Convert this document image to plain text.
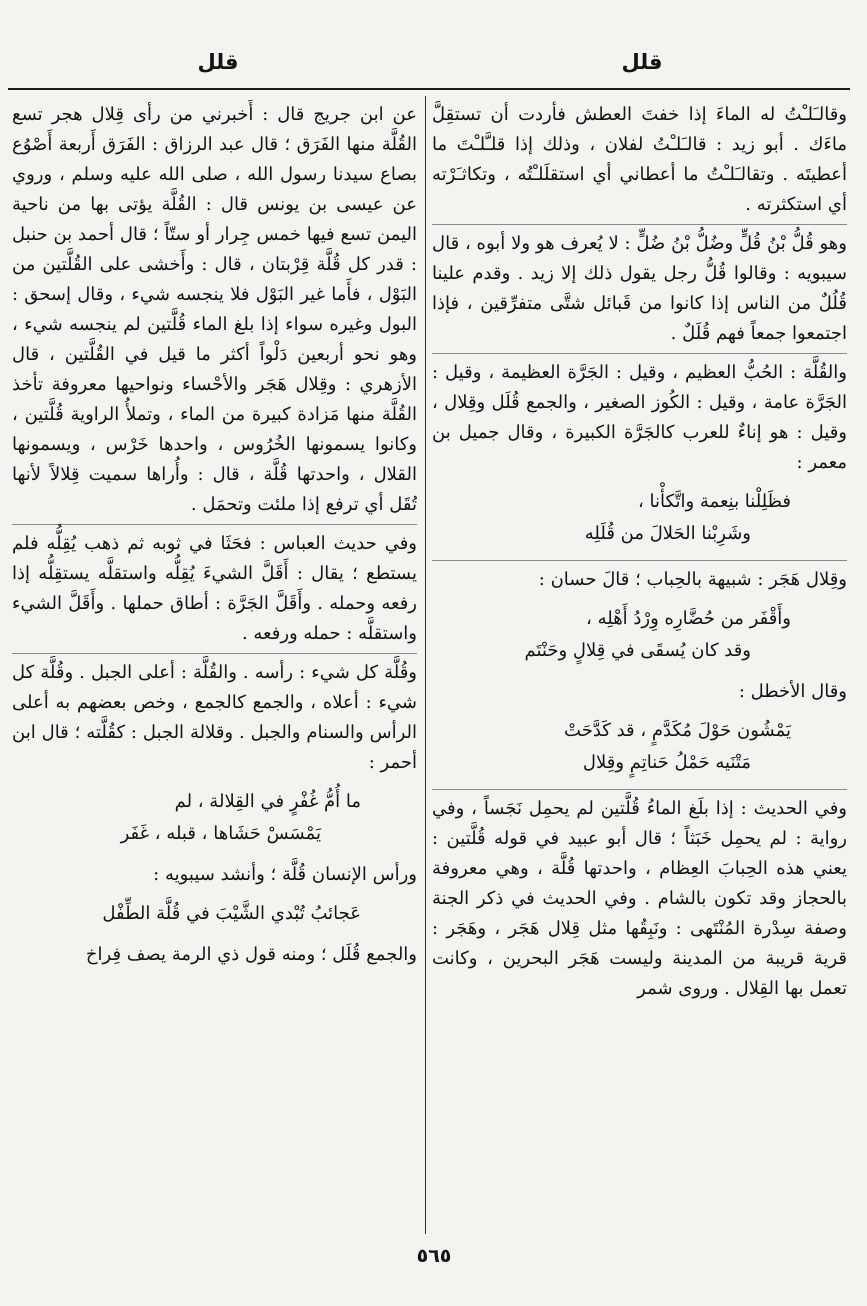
قلل
قلل

وقالـَلـْتُ له الماءَ إذا خفتَ العطش فأردت أن تستقِلَّ ماءَك . أبو زيد : قالـَلـْتُ لفلان ، وذلك إذا قلـَّلـْتَ ما أعطيتَه . وتقالـَلـْتُ ما أعطاني أي استقلَلـْتُه ، وتكاثـَرْته أي استكثرته .

وهو قُلُّ بْنُ قُلٍّ وضُلُّ بْنُ ضُلٍّ : لا يُعرف هو ولا أبوه ، قال سيبويه : وقالوا قُلُّ رجل يقول ذلك إلا زيد . وقدم علينا قُلُلٌ من الناس إذا كانوا من قَبائل شتَّى متفرِّقين ، فإذا اجتمعوا جمعاً فهم قُلَلٌ .

والقُلَّة : الحُبُّ العظيم ، وقيل : الجَرَّة العظيمة ، وقيل : الجَرَّة عامة ، وقيل : الكُوز الصغير ، والجمع قُلَل وقِلال ، وقيل : هو إناءٌ للعرب كالجَرَّة الكبيرة ، وقال جميل بن معمر :

فظَلِلْنا بنِعمة واتَّكأْنا ،
وشَرِبْنا الحَلالَ من قُلَلِه

وقِلال هَجَر : شبيهة بالحِباب ؛ قالَ حسان :

وأَقْفَر من حُضَّارِه وِرْدُ أَهْلِه ،
وقد كان يُسقَى في قِلالٍ وحَنْتَم

وقال الأخطل :

يَمْشُون حَوْلَ مُكَدَّمٍ ، قد كَدَّحَتْ
مَتْنَيه حَمْلُ حَناتِمٍ وقِلال

وفي الحديث : إذا بلَغ الماءُ قُلَّتين لم يحمِل نَجَساً ، وفي رواية : لم يحمِل خَبَثاً ؛ قال أبو عبيد في قوله قُلَّتين : يعني هذه الحِبابَ العِظام ، واحدتها قُلَّة ، وهي معروفة بالحجاز وقد تكون بالشام . وفي الحديث في ذكر الجنة وصفة سِدْرة المُنْتَهى : ونَبِقُها مثل قِلال هَجَر ، وهَجَر : قرية قريبة من المدينة وليست هَجَر البحرين ، وكانت تعمل بها القِلال . وروى شمر

عن ابن جريج قال : أَخبرني من رأى قِلال هجر تسع القُلَّة منها الفَرَق ؛ قال عبد الرزاق : الفَرَق أَربعة أَصْوُع بصاع سيدنا رسول الله ، صلى الله عليه وسلم ، وروي عن عيسى بن يونس قال : القُلَّة يؤتى بها من ناحية اليمن تسع فيها خمس جِرار أو ستّاً ؛ قال أحمد بن حنبل : قدر كل قُلَّة قِرْبتان ، قال : وأَخشى على القُلَّتين من البَوْل ، فأَما غير البَوْل فلا ينجسه شيء ، وقال إسحق : البول وغيره سواء إذا بلغ الماء قُلَّتين لم ينجسه شيء ، وهو نحو أربعين دَلْواً أكثر ما قيل في القُلَّتين ، قال الأزهري : وقِلال هَجَر والأحْساء ونواحيها معروفة تأخذ القُلَّة منها مَزادة كبيرة من الماء ، وتملأُ الراوية قُلَّتين ، وكانوا يسمونها الخُرُوس ، واحدها خَرْس ، ويسمونها القلال ، واحدتها قُلَّة ، قال : وأُراها سميت قِلالاً لأنها تُقَل أي ترفع إذا ملئت وتحمَل .

وفي حديث العباس : فحَثَا في ثوبه ثم ذهب يُقِلُّه فلم يستطع ؛ يقال : أَقَلَّ الشيءَ يُقِلُّه واستقلَّه يستقِلُّه إذا رفعه وحمله . وأَقَلَّ الجَرَّة : أطاق حملها . وأَقَلَّ الشيء واستقلَّه : حمله ورفعه .

وقُلَّة كل شيء : رأسه . والقُلَّة : أعلى الجبل . وقُلَّة كل شيء : أعلاه ، والجمع كالجمع ، وخص بعضهم به أعلى الرأس والسنام والجبل . وقلالة الجبل : كقُلَّته ؛ قال ابن أحمر :

ما أُمُّ غُفْرٍ في القِلالة ، لم
يَمْسَسْ حَشَاها ، قبله ، غَفَر

ورأس الإنسان قُلَّة ؛ وأنشد سيبويه :

عَجائبُ تُبْدي الشَّيْبَ في قُلَّة الطِّفْل

والجمع قُلَل ؛ ومنه قول ذي الرمة يصف فِراخ

٥٦٥
